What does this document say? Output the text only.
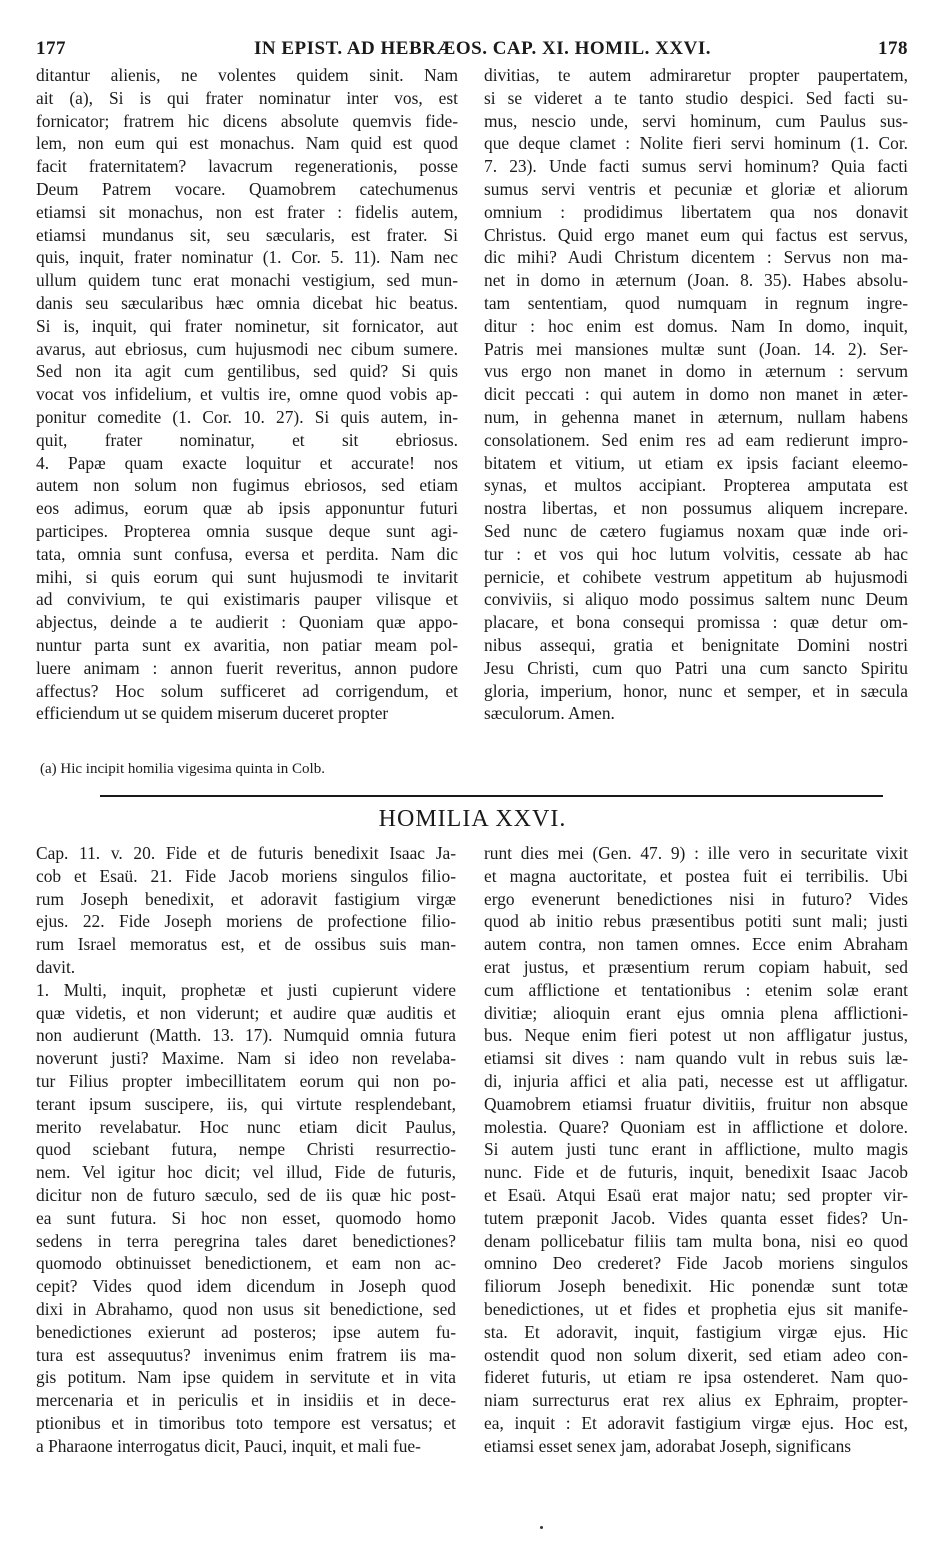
177	IN EPIST. AD HEBRÆOS. CAP. XI. HOMIL. XXVI.	178
ditantur alienis, ne volentes quidem sinit. Nam
ait (a), Si is qui frater nominatur inter vos, est
fornicator; fratrem hic dicens absolute quemvis fide-
lem, non eum qui est monachus. Nam quid est quod
facit fraternitatem? lavacrum regenerationis, posse
Deum Patrem vocare. Quamobrem catechumenus
etiamsi sit monachus, non est frater : fidelis autem,
etiamsi mundanus sit, seu sæcularis, est frater. Si
quis, inquit, frater nominatur (1. Cor. 5. 11). Nam nec
ullum quidem tunc erat monachi vestigium, sed mun-
danis seu sæcularibus hæc omnia dicebat hic beatus.
Si is, inquit, qui frater nominetur, sit fornicator, aut
avarus, aut ebriosus, cum hujusmodi nec cibum sumere.
Sed non ita agit cum gentilibus, sed quid? Si quis
vocat vos infidelium, et vultis ire, omne quod vobis ap-
ponitur comedite (1. Cor. 10. 27). Si quis autem, in-
quit, frater nominatur, et sit ebriosus.
4. Papæ quam exacte loquitur et accurate! nos
autem non solum non fugimus ebriosos, sed etiam
eos adimus, eorum quæ ab ipsis apponuntur futuri
participes. Propterea omnia susque deque sunt agi-
tata, omnia sunt confusa, eversa et perdita. Nam dic
mihi, si quis eorum qui sunt hujusmodi te invitarit
ad convivium, te qui existimaris pauper vilisque et
abjectus, deinde a te audierit : Quoniam quæ appo-
nuntur parta sunt ex avaritia, non patiar meam pol-
luere animam : annon fuerit reveritus, annon pudore
affectus? Hoc solum sufficeret ad corrigendum, et
efficiendum ut se quidem miserum duceret propter
divitias, te autem admiraretur propter paupertatem,
si se videret a te tanto studio despici. Sed facti su-
mus, nescio unde, servi hominum, cum Paulus sus-
que deque clamet : Nolite fieri servi hominum (1. Cor.
7. 23). Unde facti sumus servi hominum? Quia facti
sumus servi ventris et pecuniæ et gloriæ et aliorum
omnium : prodidimus libertatem qua nos donavit
Christus. Quid ergo manet eum qui factus est servus,
dic mihi? Audi Christum dicentem : Servus non ma-
net in domo in æternum (Joan. 8. 35). Habes absolu-
tam sententiam, quod numquam in regnum ingre-
ditur : hoc enim est domus. Nam In domo, inquit,
Patris mei mansiones multæ sunt (Joan. 14. 2). Ser-
vus ergo non manet in domo in æternum : servum
dicit peccati : qui autem in domo non manet in æter-
num, in gehenna manet in æternum, nullam habens
consolationem. Sed enim res ad eam redierunt impro-
bitatem et vitium, ut etiam ex ipsis faciant eleemo-
synas, et multos accipiant. Propterea amputata est
nostra libertas, et non possumus aliquem increpare.
Sed nunc de cætero fugiamus noxam quæ inde ori-
tur : et vos qui hoc lutum volvitis, cessate ab hac
pernicie, et cohibete vestrum appetitum ab hujusmodi
conviviis, si aliquo modo possimus saltem nunc Deum
placare, et bona consequi promissa : quæ detur om-
nibus assequi, gratia et benignitate Domini nostri
Jesu Christi, cum quo Patri una cum sancto Spiritu
gloria, imperium, honor, nunc et semper, et in sæcula
sæculorum. Amen.
(a) Hic incipit homilia vigesima quinta in Colb.
HOMILIA XXVI.
Cap. 11. v. 20. Fide et de futuris benedixit Isaac Ja-
cob et Esaü. 21. Fide Jacob moriens singulos filio-
rum Joseph benedixit, et adoravit fastigium virgæ
ejus. 22. Fide Joseph moriens de profectione filio-
rum Israel memoratus est, et de ossibus suis man-
davit.
1. Multi, inquit, prophetæ et justi cupierunt videre
quæ videtis, et non viderunt; et audire quæ auditis et
non audierunt (Matth. 13. 17). Numquid omnia futura
noverunt justi? Maxime. Nam si ideo non revelaba-
tur Filius propter imbecillitatem eorum qui non po-
terant ipsum suscipere, iis, qui virtute resplendebant,
merito revelabatur. Hoc nunc etiam dicit Paulus,
quod sciebant futura, nempe Christi resurrectio-
nem. Vel igitur hoc dicit; vel illud, Fide de futuris,
dicitur non de futuro sæculo, sed de iis quæ hic post-
ea sunt futura. Si hoc non esset, quomodo homo
sedens in terra peregrina tales daret benedictiones?
quomodo obtinuisset benedictionem, et eam non ac-
cepit? Vides quod idem dicendum in Joseph quod
dixi in Abrahamo, quod non usus sit benedictione, sed
benedictiones exierunt ad posteros; ipse autem fu-
tura est assequutus? invenimus enim fratrem iis ma-
gis potitum. Nam ipse quidem in servitute et in vita
mercenaria et in periculis et in insidiis et in dece-
ptionibus et in timoribus toto tempore est versatus; et
a Pharaone interrogatus dicit, Pauci, inquit, et mali fue-
runt dies mei (Gen. 47. 9) : ille vero in securitate vixit
et magna auctoritate, et postea fuit ei terribilis. Ubi
ergo evenerunt benedictiones nisi in futuro? Vides
quod ab initio rebus præsentibus potiti sunt mali; justi
autem contra, non tamen omnes. Ecce enim Abraham
erat justus, et præsentium rerum copiam habuit, sed
cum afflictione et tentationibus : etenim solæ erant
divitiæ; alioquin erant ejus omnia plena afflictioni-
bus. Neque enim fieri potest ut non affligatur justus,
etiamsi sit dives : nam quando vult in rebus suis læ-
di, injuria affici et alia pati, necesse est ut affligatur.
Quamobrem etiamsi fruatur divitiis, fruitur non absque
molestia. Quare? Quoniam est in afflictione et dolore.
Si autem justi tunc erant in afflictione, multo magis
nunc. Fide et de futuris, inquit, benedixit Isaac Jacob
et Esaü. Atqui Esaü erat major natu; sed propter vir-
tutem præponit Jacob. Vides quanta esset fides? Un-
denam pollicebatur filiis tam multa bona, nisi eo quod
omnino Deo crederet? Fide Jacob moriens singulos
filiorum Joseph benedixit. Hic ponendæ sunt totæ
benedictiones, ut et fides et prophetia ejus sit manife-
sta. Et adoravit, inquit, fastigium virgæ ejus. Hic
ostendit quod non solum dixerit, sed etiam adeo con-
fideret futuris, ut etiam re ipsa ostenderet. Nam quo-
niam surrecturus erat rex alius ex Ephraim, propter-
ea, inquit : Et adoravit fastigium virgæ ejus. Hoc est,
etiamsi esset senex jam, adorabat Joseph, significans
